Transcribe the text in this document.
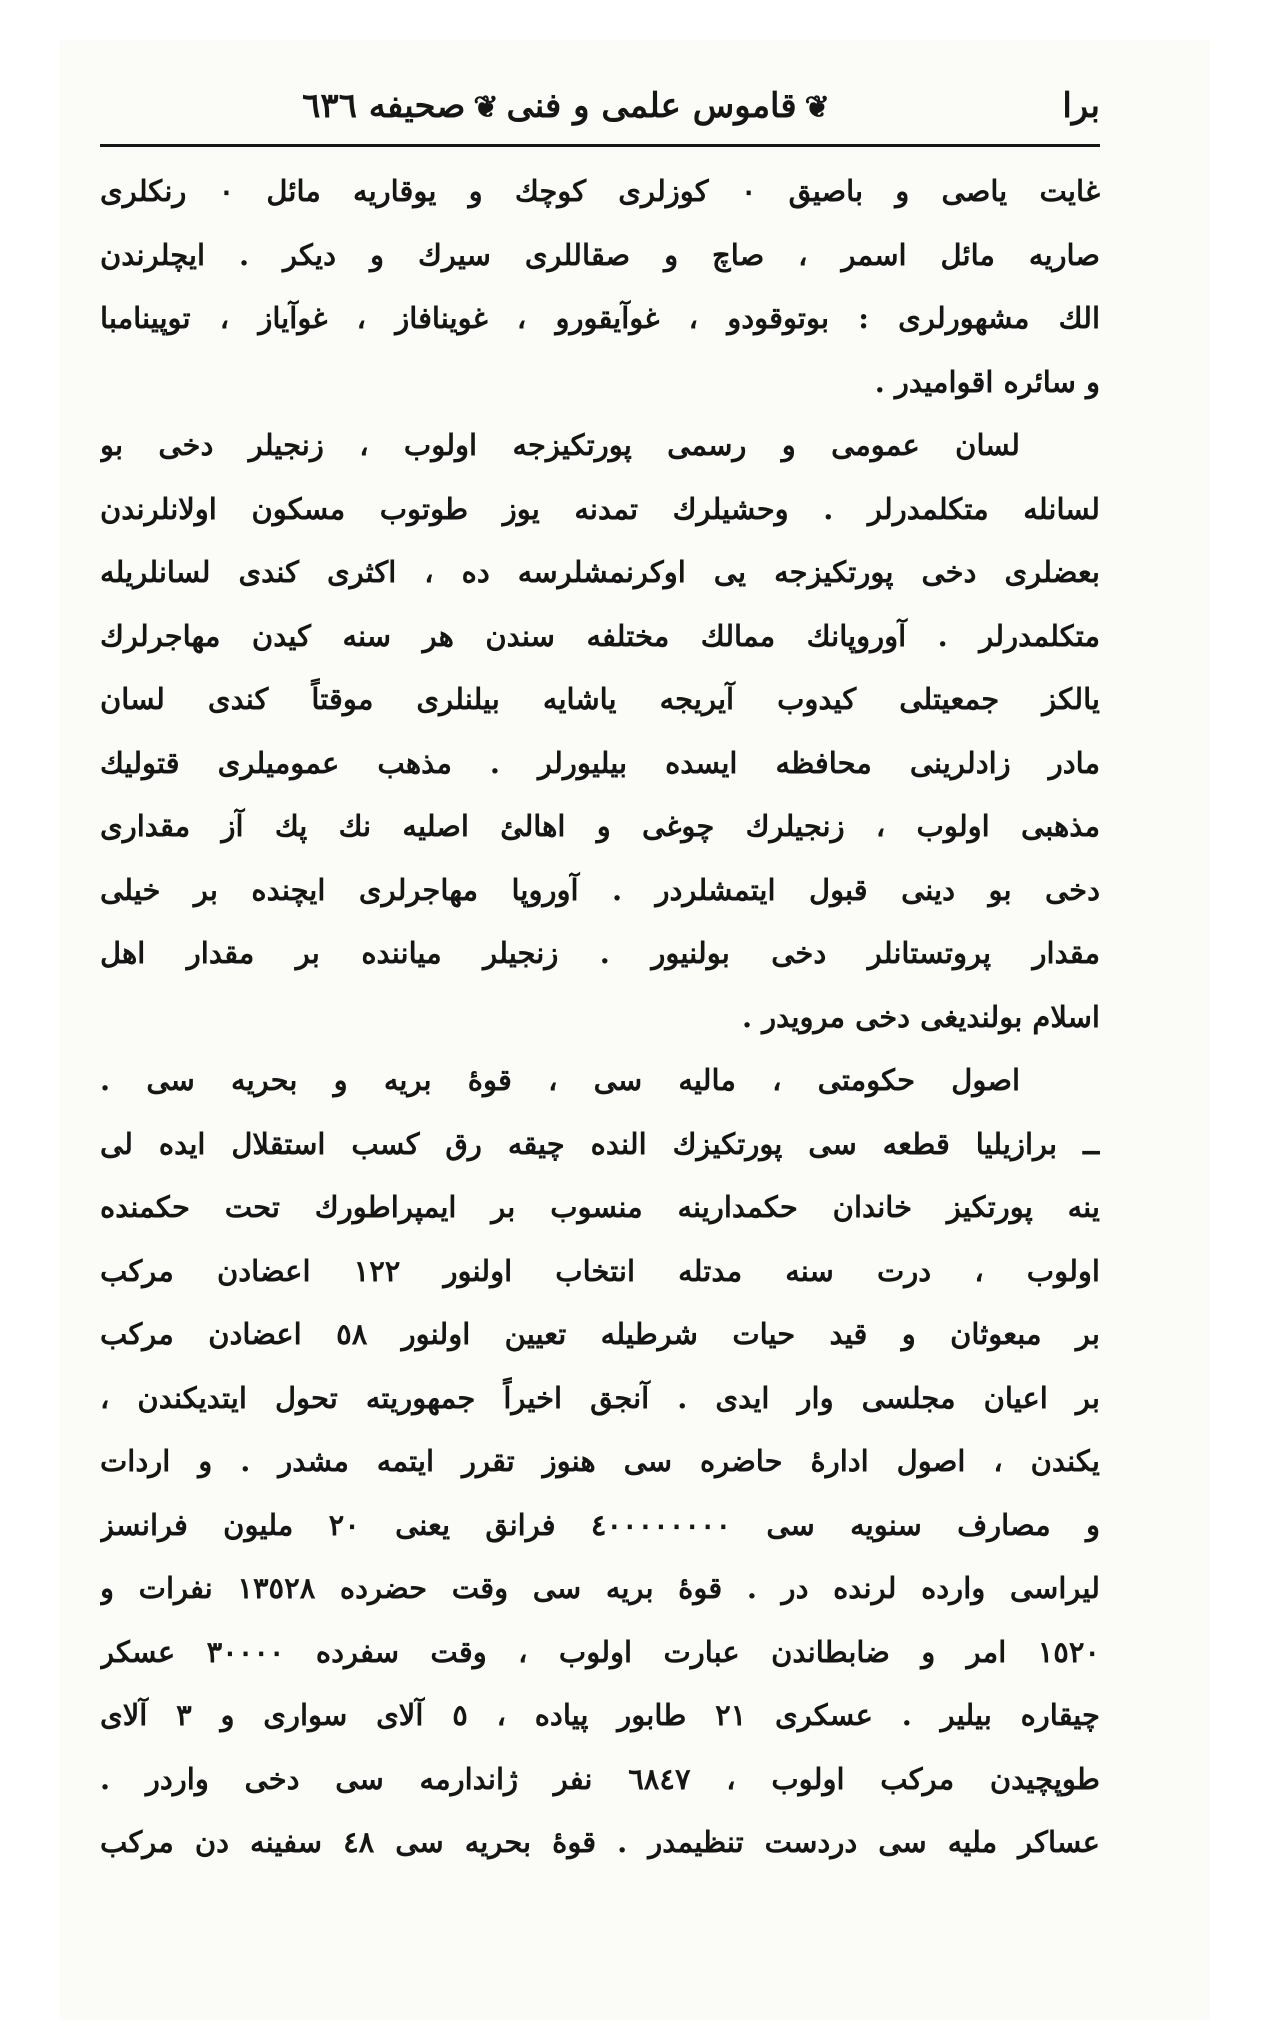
برا
❦قاموس علمى و فنى❦صحيفه ٦٣٦
غايت ياصى و باصيق ٠ كوزلرى كوچك و يوقاريه مائل ٠ رنكلرى
صاريه مائل اسمر ، صاچ و صقاللرى سيرك و ديكر . ايچلرندن
الك مشهورلرى : بوتوقودو ، غوآيقورو ، غوينافاز ، غوآياز ، توپينامبا
و سائره اقواميدر .
لسان عمومى و رسمى پورتكيزجه اولوب ، زنجيلر دخى بو
لسانله متكلمدرلر . وحشيلرك تمدنه يوز طوتوب مسكون اولانلرندن
بعضلرى دخى پورتكيزجه يى اوكرنمشلرسه ده ، اكثرى كندى لسانلريله
متكلمدرلر . آوروپانك ممالك مختلفه سندن هر سنه كيدن مهاجرلرك
يالكز جمعيتلى كيدوب آيريجه ياشايه بيلنلرى موقتاً كندى لسان
مادر زادلرينى محافظه ايسده بيليورلر . مذهب عموميلرى قتوليك
مذهبى اولوب ، زنجيلرك چوغى و اهالئ اصليه نك پك آز مقدارى
دخى بو دينى قبول ايتمشلردر . آوروپا مهاجرلرى ايچنده بر خيلى
مقدار پروتستانلر دخى بولنيور . زنجيلر مياننده بر مقدار اهل
اسلام بولنديغى دخى مرويدر .
اصول حكومتى ، ماليه سى ، قوۀ بريه و بحريه سى .
ــ برازيليا قطعه سى پورتكيزك النده چيقه رق كسب استقلال ايده لى
ينه پورتكيز خاندان حكمدارينه منسوب بر ايمپراطورك تحت حكمنده
اولوب ، درت سنه مدتله انتخاب اولنور ١٢٢ اعضادن مركب
بر مبعوثان و قيد حيات شرطيله تعيين اولنور ٥٨ اعضادن مركب
بر اعيان مجلسى وار ايدى . آنجق اخيراً جمهوريته تحول ايتديكندن ،
يكندن ، اصول ادارۀ حاضره سى هنوز تقرر ايتمه مشدر . و اردات
و مصارف سنويه سى ٤٠٠٠٠٠٠٠٠ فرانق يعنى ٢٠ مليون فرانسز
ليراسى وارده لرنده در . قوۀ بريه سى وقت حضرده ١٣٥٢٨ نفرات و
١٥٢٠ امر و ضابطاندن عبارت اولوب ، وقت سفرده ٣٠٠٠٠ عسكر
چيقاره بيلير . عسكرى ٢١ طابور پياده ، ٥ آلاى سوارى و ٣ آلاى
طوپچيدن مركب اولوب ، ٦٨٤٧ نفر ژاندارمه سى دخى واردر .
عساكر مليه سى دردست تنظيمدر . قوۀ بحريه سى ٤٨ سفينه دن مركب
